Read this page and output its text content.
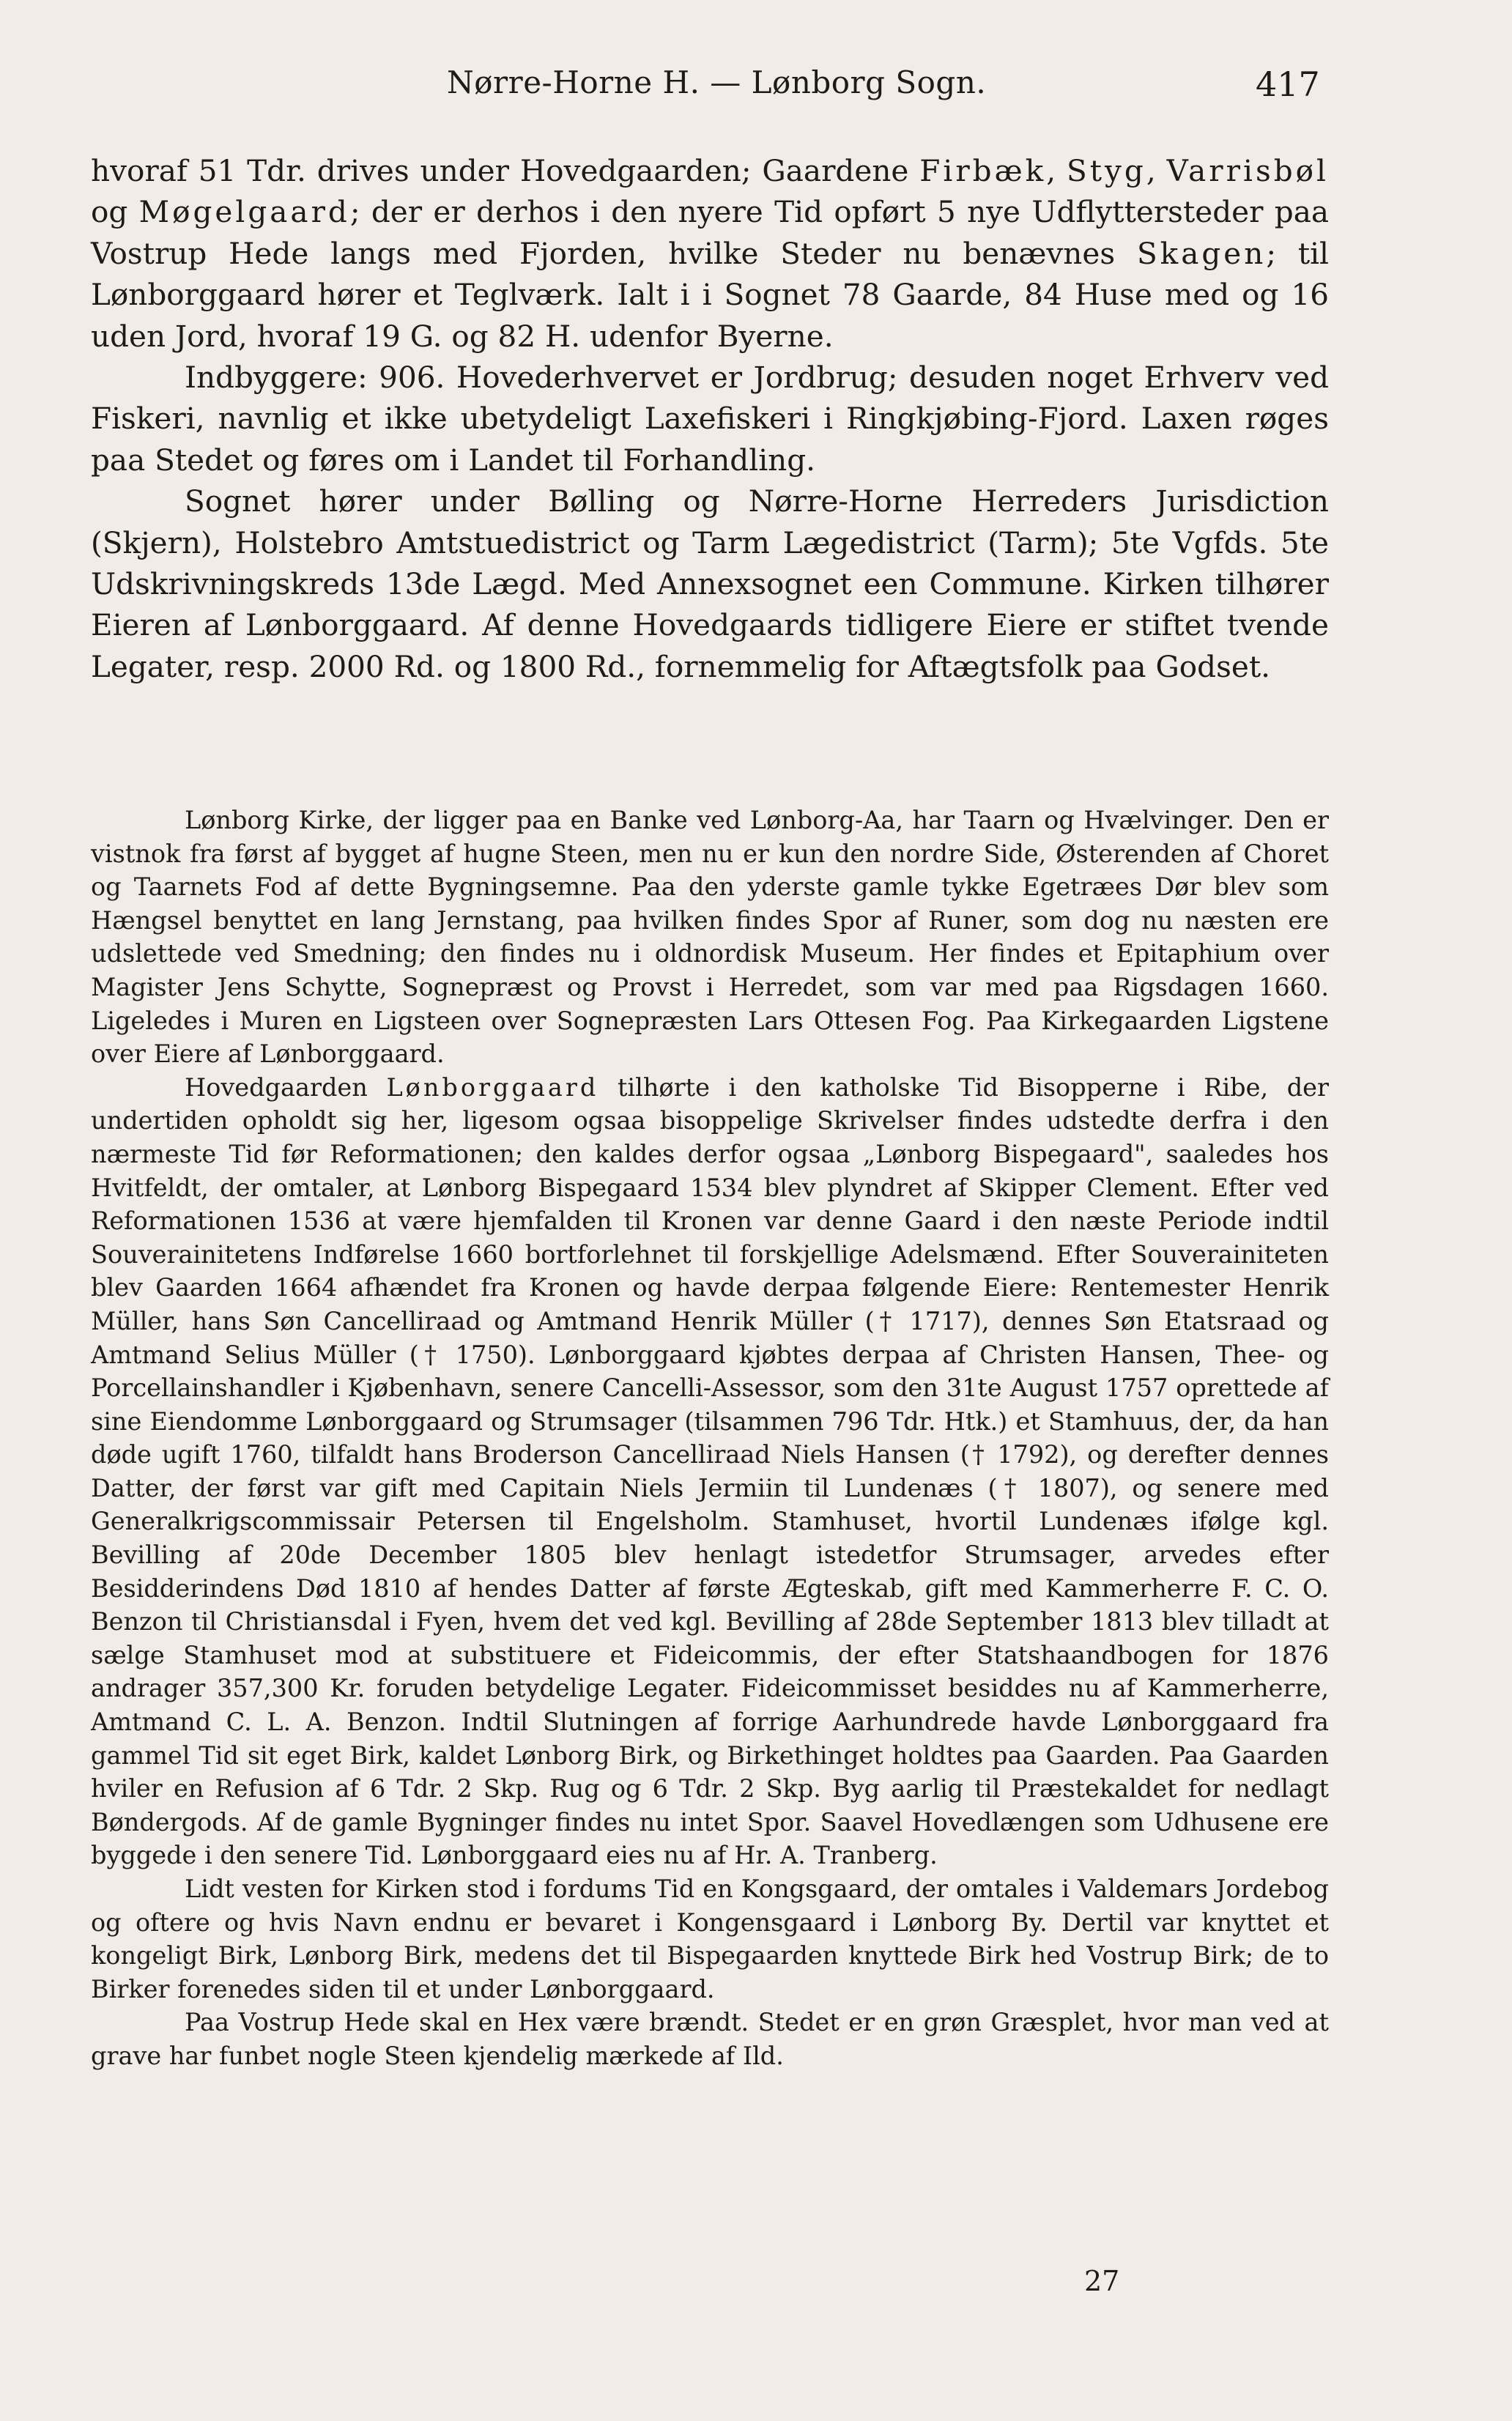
Nørre-Horne H. — Lønborg Sogn.	417

hvoraf 51 Tdr. drives under Hovedgaarden; Gaardene Firbæk, Styg, Varrisbøl og Møgelgaard; der er derhos i den nyere Tid opført 5 nye Udflyttersteder paa Vostrup Hede langs med Fjorden, hvilke Steder nu benævnes Skagen; til Lønborggaard hører et Teglværk. Ialt i i Sognet 78 Gaarde, 84 Huse med og 16 uden Jord, hvoraf 19 G. og 82 H. udenfor Byerne.

Indbyggere: 906. Hovederhvervet er Jordbrug; desuden noget Erhverv ved Fiskeri, navnlig et ikke ubetydeligt Laxefiskeri i Ringkjøbing-Fjord. Laxen røges paa Stedet og føres om i Landet til Forhandling.

Sognet hører under Bølling og Nørre-Horne Herreders Jurisdiction (Skjern), Holstebro Amtstuedistrict og Tarm Lægedistrict (Tarm); 5te Vgfds. 5te Udskrivningskreds 13de Lægd. Med Annexsognet een Commune. Kirken tilhører Eieren af Lønborggaard. Af denne Hovedgaards tidligere Eiere er stiftet tvende Legater, resp. 2000 Rd. og 1800 Rd., fornemmelig for Aftægtsfolk paa Godset.

Lønborg Kirke, der ligger paa en Banke ved Lønborg-Aa, har Taarn og Hvælvinger. Den er vistnok fra først af bygget af hugne Steen, men nu er kun den nordre Side, Østerenden af Choret og Taarnets Fod af dette Bygningsemne. Paa den yderste gamle tykke Egetræes Dør blev som Hængsel benyttet en lang Jernstang, paa hvilken findes Spor af Runer, som dog nu næsten ere udslettede ved Smedning; den findes nu i oldnordisk Museum. Her findes et Epitaphium over Magister Jens Schytte, Sognepræst og Provst i Herredet, som var med paa Rigsdagen 1660. Ligeledes i Muren en Ligsteen over Sognepræsten Lars Ottesen Fog. Paa Kirkegaarden Ligstene over Eiere af Lønborggaard.

Hovedgaarden Lønborggaard tilhørte i den katholske Tid Bisopperne i Ribe, der undertiden opholdt sig her, ligesom ogsaa bisoppelige Skrivelser findes udstedte derfra i den nærmeste Tid før Reformationen; den kaldes derfor ogsaa „Lønborg Bispegaard", saaledes hos Hvitfeldt, der omtaler, at Lønborg Bispegaard 1534 blev plyndret af Skipper Clement. Efter ved Reformationen 1536 at være hjemfalden til Kronen var denne Gaard i den næste Periode indtil Souverainitetens Indførelse 1660 bortforlehnet til forskjellige Adelsmænd. Efter Souverainiteten blev Gaarden 1664 afhændet fra Kronen og havde derpaa følgende Eiere: Rentemester Henrik Müller, hans Søn Cancelliraad og Amtmand Henrik Müller († 1717), dennes Søn Etatsraad og Amtmand Selius Müller († 1750). Lønborggaard kjøbtes derpaa af Christen Hansen, Thee- og Porcellainshandler i Kjøbenhavn, senere Cancelli-Assessor, som den 31te August 1757 oprettede af sine Eiendomme Lønborggaard og Strumsager (tilsammen 796 Tdr. Htk.) et Stamhuus, der, da han døde ugift 1760, tilfaldt hans Broderson Cancelliraad Niels Hansen († 1792), og derefter dennes Datter, der først var gift med Capitain Niels Jermiin til Lundenæs († 1807), og senere med Generalkrigscommissair Petersen til Engelsholm. Stamhuset, hvortil Lundenæs ifølge kgl. Bevilling af 20de December 1805 blev henlagt istedetfor Strumsager, arvedes efter Besidderindens Død 1810 af hendes Datter af første Ægteskab, gift med Kammerherre F. C. O. Benzon til Christiansdal i Fyen, hvem det ved kgl. Bevilling af 28de September 1813 blev tilladt at sælge Stamhuset mod at substituere et Fideicommis, der efter Statshaandbogen for 1876 andrager 357,300 Kr. foruden betydelige Legater. Fideicommisset besiddes nu af Kammerherre, Amtmand C. L. A. Benzon. Indtil Slutningen af forrige Aarhundrede havde Lønborggaard fra gammel Tid sit eget Birk, kaldet Lønborg Birk, og Birkethinget holdtes paa Gaarden. Paa Gaarden hviler en Refusion af 6 Tdr. 2 Skp. Rug og 6 Tdr. 2 Skp. Byg aarlig til Præstekaldet for nedlagt Bøndergods. Af de gamle Bygninger findes nu intet Spor. Saavel Hovedlængen som Udhusene ere byggede i den senere Tid. Lønborggaard eies nu af Hr. A. Tranberg.

Lidt vesten for Kirken stod i fordums Tid en Kongsgaard, der omtales i Valdemars Jordebog og oftere og hvis Navn endnu er bevaret i Kongensgaard i Lønborg By. Dertil var knyttet et kongeligt Birk, Lønborg Birk, medens det til Bispegaarden knyttede Birk hed Vostrup Birk; de to Birker forenedes siden til et under Lønborggaard.

Paa Vostrup Hede skal en Hex være brændt. Stedet er en grøn Græsplet, hvor man ved at grave har funbet nogle Steen kjendelig mærkede af Ild.

27
